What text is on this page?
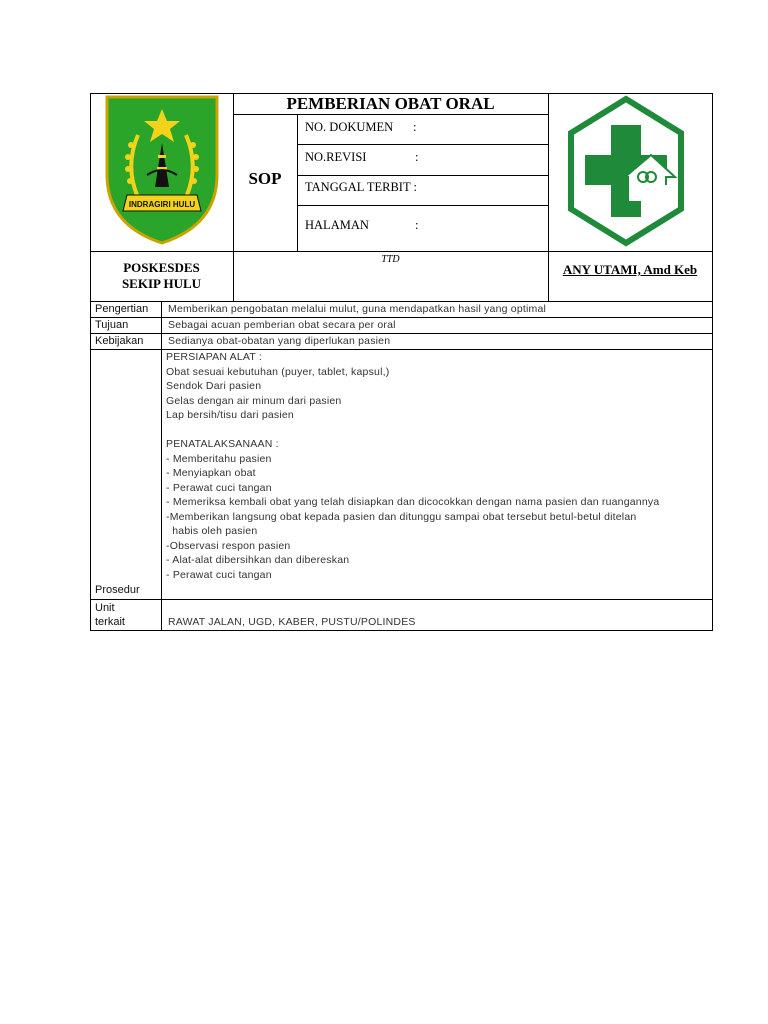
INDRAGIRI HULU
PEMBERIAN OBAT ORAL
SOP
NO. DOKUMEN :
NO.REVISI	:
TANGGAL TERBIT :
HALAMAN	:
POSKESDES
SEKIP HULU
TTD
ANY UTAMI, Amd Keb
Pengertian Memberikan pengobatan melalui mulut, guna mendapatkan hasil yang optimal
Tujuan	Sebagai acuan pemberian obat secara per oral
Kebijakan Sedianya obat-obatan yang diperlukan pasien
Prosedur
PERSIAPAN ALAT :
Obat sesuai kebutuhan (puyer, tablet, kapsul,)
Sendok Dari pasien
Gelas dengan air minum dari pasien
Lap bersih/tisu dari pasien
PENATALAKSANAAN :
- Memberitahu pasien
- Menyiapkan obat
- Perawat cuci tangan
- Memeriksa kembali obat yang telah disiapkan dan dicocokkan dengan nama pasien dan ruangannya
-Memberikan langsung obat kepada pasien dan ditunggu sampai obat tersebut betul-betul ditelan
habis oleh pasien
-Observasi respon pasien
- Alat-alat dibersihkan dan dibereskan
- Perawat cuci tangan
Unit
terkait	RAWAT JALAN, UGD, KABER, PUSTU/POLINDES
